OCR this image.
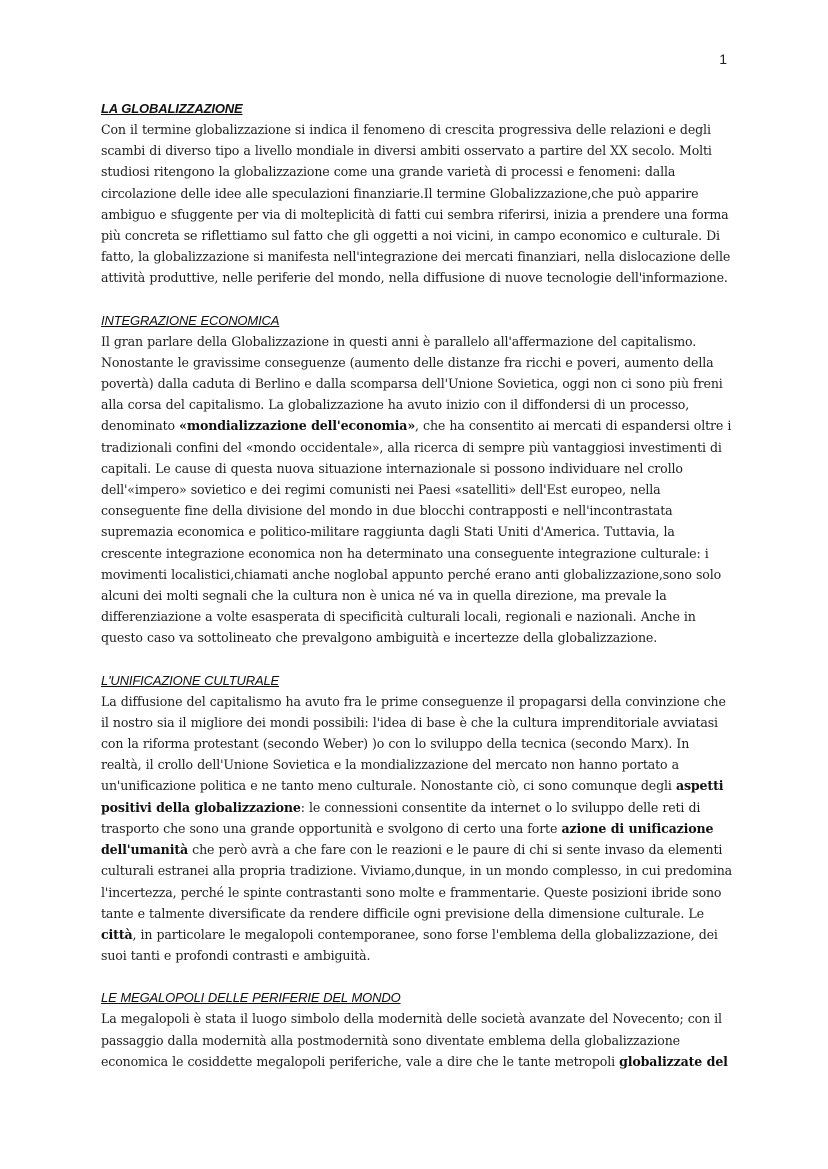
1
LA GLOBALIZZAZIONE

Con il termine globalizzazione si indica il fenomeno di crescita progressiva delle relazioni e degli scambi di diverso tipo a livello mondiale in diversi ambiti osservato a partire del XX secolo. Molti studiosi ritengono la globalizzazione come una grande varietà di processi e fenomeni: dalla circolazione delle idee alle speculazioni finanziarie.Il termine Globalizzazione,che può apparire ambiguo e sfuggente per via di molteplicità di fatti cui sembra riferirsi, inizia a prendere una forma più concreta se riflettiamo sul fatto che gli oggetti a noi vicini, in campo economico e culturale. Di fatto, la globalizzazione si manifesta nell'integrazione dei mercati finanziari, nella dislocazione delle attività produttive, nelle periferie del mondo, nella diffusione di nuove tecnologie dell'informazione.

INTEGRAZIONE ECONOMICA

Il gran parlare della Globalizzazione in questi anni è parallelo all'affermazione del capitalismo. Nonostante le gravissime conseguenze (aumento delle distanze fra ricchi e poveri, aumento della povertà) dalla caduta di Berlino e dalla scomparsa dell'Unione Sovietica, oggi non ci sono più freni alla corsa del capitalismo. La globalizzazione ha avuto inizio con il diffondersi di un processo, denominato «mondializzazione dell'economia», che ha consentito ai mercati di espandersi oltre i tradizionali confini del «mondo occidentale», alla ricerca di sempre più vantaggiosi investimenti di capitali. Le cause di questa nuova situazione internazionale si possono individuare nel crollo dell'«impero» sovietico e dei regimi comunisti nei Paesi «satelliti» dell'Est europeo, nella conseguente fine della divisione del mondo in due blocchi contrapposti e nell'incontrastata supremazia economica e politico-militare raggiunta dagli Stati Uniti d'America. Tuttavia, la crescente integrazione economica non ha determinato una conseguente integrazione culturale: i movimenti localistici,chiamati anche noglobal appunto perché erano anti globalizzazione,sono solo alcuni dei molti segnali che la cultura non è unica né va in quella direzione, ma prevale la differenziazione a volte esasperata di specificità culturali locali, regionali e nazionali. Anche in questo caso va sottolineato che prevalgono ambiguità e incertezze della globalizzazione.

L'UNIFICAZIONE CULTURALE

La diffusione del capitalismo ha avuto fra le prime conseguenze il propagarsi della convinzione che il nostro sia il migliore dei mondi possibili: l'idea di base è che la cultura imprenditoriale avviatasi con la riforma protestant (secondo Weber) )o con lo sviluppo della tecnica (secondo Marx). In realtà, il crollo dell'Unione Sovietica e la mondializzazione del mercato non hanno portato a un'unificazione politica e ne tanto meno culturale. Nonostante ciò, ci sono comunque degli aspetti positivi della globalizzazione: le connessioni consentite da internet o lo sviluppo delle reti di trasporto che sono una grande opportunità e svolgono di certo una forte azione di unificazione dell'umanità che però avrà a che fare con le reazioni e le paure di chi si sente invaso da elementi culturali estranei alla propria tradizione. Viviamo,dunque, in un mondo complesso, in cui predomina l'incertezza, perché le spinte contrastanti sono molte e frammentarie. Queste posizioni ibride sono tante e talmente diversificate da rendere difficile ogni previsione della dimensione culturale. Le città, in particolare le megalopoli contemporanee, sono forse l'emblema della globalizzazione, dei suoi tanti e profondi contrasti e ambiguità.

LE MEGALOPOLI DELLE PERIFERIE DEL MONDO

La megalopoli è stata il luogo simbolo della modernità delle società avanzate del Novecento; con il passaggio dalla modernità alla postmodernità sono diventate emblema della globalizzazione economica le cosiddette megalopoli periferiche, vale a dire che le tante metropoli globalizzate del
